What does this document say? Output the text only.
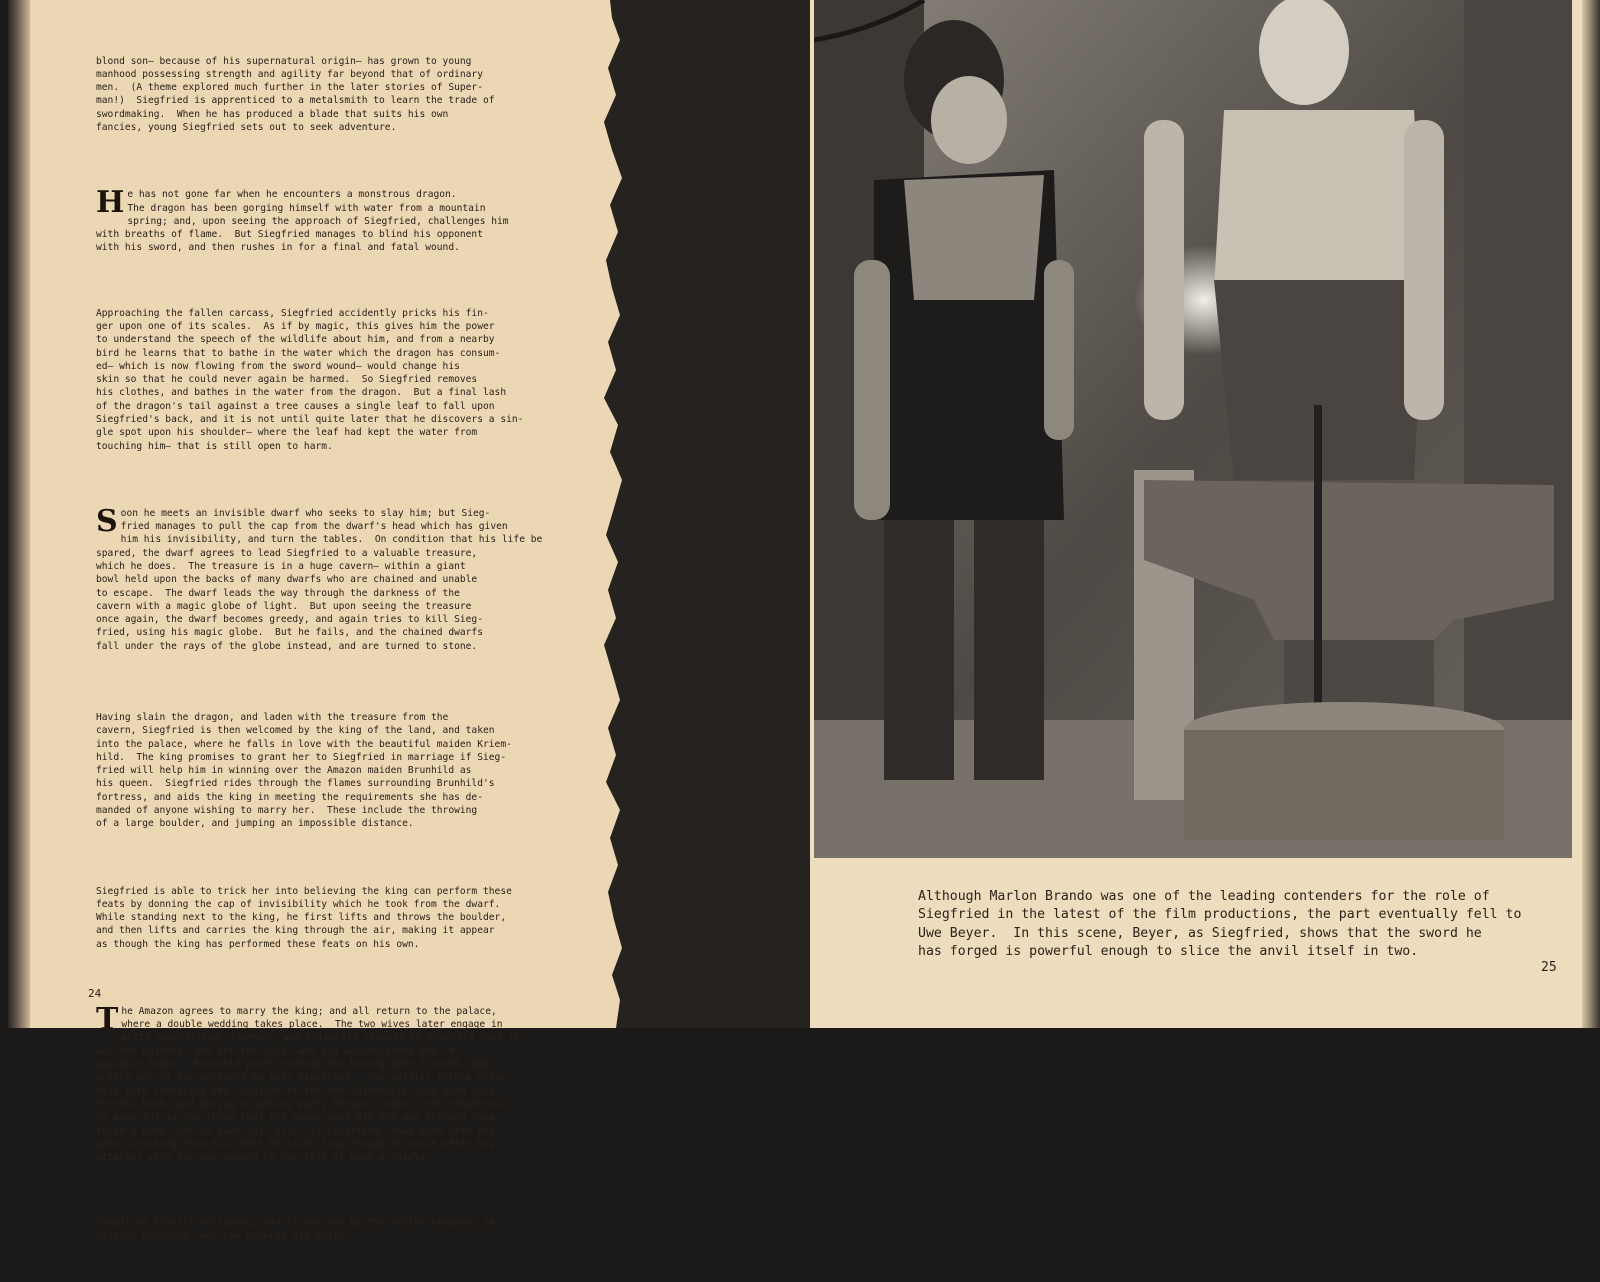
blond son— because of his supernatural origin— has grown to young
manhood possessing strength and agility far beyond that of ordinary
men.  (A theme explored much further in the later stories of Super-
man!)  Siegfried is apprenticed to a metalsmith to learn the trade of
swordmaking.  When he has produced a blade that suits his own
fancies, young Siegfried sets out to seek adventure.

He has not gone far when he encounters a monstrous dragon.
The dragon has been gorging himself with water from a mountain
spring; and, upon seeing the approach of Siegfried, challenges him
with breaths of flame.  But Siegfried manages to blind his opponent
with his sword, and then rushes in for a final and fatal wound.

Approaching the fallen carcass, Siegfried accidently pricks his fin-
ger upon one of its scales.  As if by magic, this gives him the power
to understand the speech of the wildlife about him, and from a nearby
bird he learns that to bathe in the water which the dragon has consum-
ed— which is now flowing from the sword wound— would change his
skin so that he could never again be harmed.  So Siegfried removes
his clothes, and bathes in the water from the dragon.  But a final lash
of the dragon's tail against a tree causes a single leaf to fall upon
Siegfried's back, and it is not until quite later that he discovers a sin-
gle spot upon his shoulder— where the leaf had kept the water from
touching him— that is still open to harm.

Soon he meets an invisible dwarf who seeks to slay him; but Sieg-
fried manages to pull the cap from the dwarf's head which has given
him his invisibility, and turn the tables.  On condition that his life be
spared, the dwarf agrees to lead Siegfried to a valuable treasure,
which he does.  The treasure is in a huge cavern— within a giant
bowl held upon the backs of many dwarfs who are chained and unable
to escape.  The dwarf leads the way through the darkness of the
cavern with a magic globe of light.  But upon seeing the treasure
once again, the dwarf becomes greedy, and again tries to kill Sieg-
fried, using his magic globe.  But he fails, and the chained dwarfs
fall under the rays of the globe instead, and are turned to stone.

Having slain the dragon, and laden with the treasure from the
cavern, Siegfried is then welcomed by the king of the land, and taken
into the palace, where he falls in love with the beautiful maiden Kriem-
hild.  The king promises to grant her to Siegfried in marriage if Sieg-
fried will help him in winning over the Amazon maiden Brunhild as
his queen.  Siegfried rides through the flames surrounding Brunhild's
fortress, and aids the king in meeting the requirements she has de-
manded of anyone wishing to marry her.  These include the throwing
of a large boulder, and jumping an impossible distance.

Siegfried is able to trick her into believing the king can perform these
feats by donning the cap of invisibility which he took from the dwarf.
While standing next to the king, he first lifts and throws the boulder,
and then lifts and carries the king through the air, making it appear
as though the king has performed these feats on his own.

The Amazon agrees to marry the king; and all return to the palace,
where a double wedding takes place.  The two wives later engage in
petty quarrelling, however, and Kriemhild reveals to Brunhild that it
was her husband, and not the king, who had accomplished the im-
possible tasks.  Brunhild plots revenge for having been tricked, and
orders one of the soldiers to kill Siegfried.  The soldier tricks Kriem-
hild into revealing the location of the one vulnerable spot upon Sieg-
fried's back, and during a hunting party throws a spear into Siegfried.
So powerful is the throw that the spear goes all the way through Sieg-
fried's body; but so powerful, also, is Siegfried, that even with the
spear sticking from his chest he lives long enough to chase after his
attacker with the one weapon he has left at hand—a shield.

Siegfried finally collapses, and is mourned by the entire kingdom; in-
cluding Brunhild, who had ordered his death.

24
Although Marlon Brando was one of the leading contenders for the role of
Siegfried in the latest of the film productions, the part eventually fell to
Uwe Beyer.  In this scene, Beyer, as Siegfried, shows that the sword he
has forged is powerful enough to slice the anvil itself in two.
25
